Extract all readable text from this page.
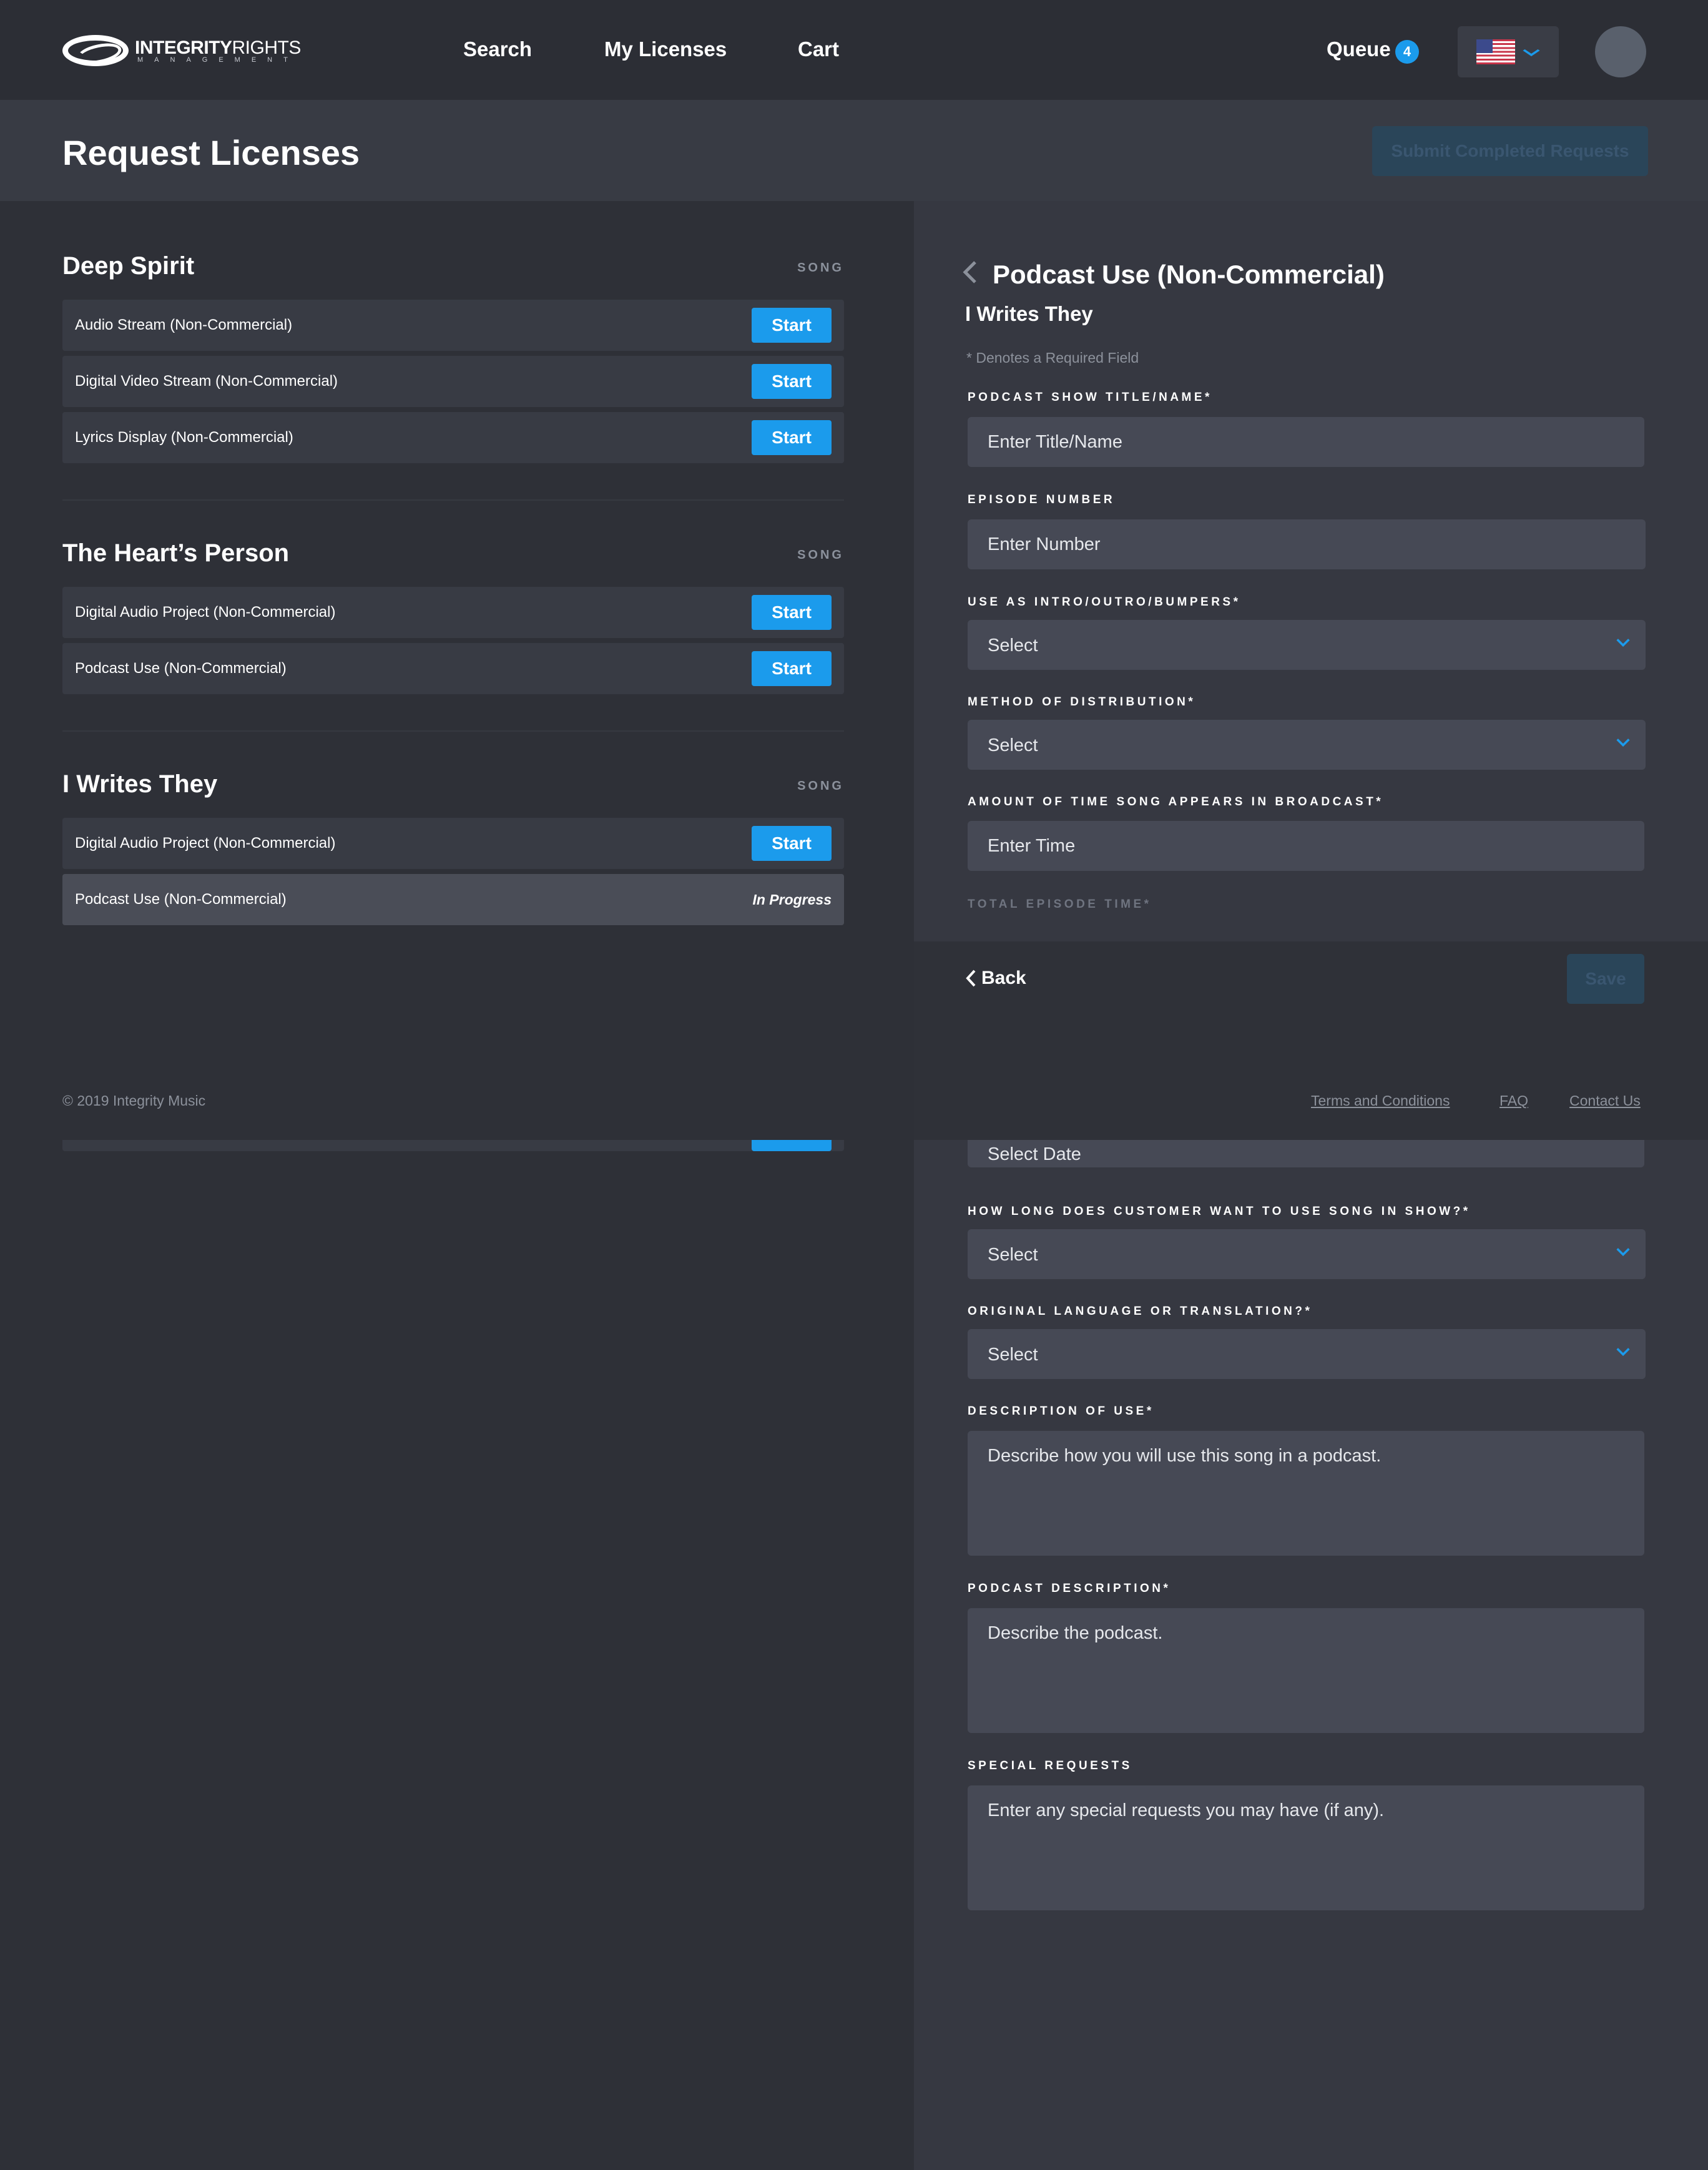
INTEGRITYRIGHTS
MANAGEMENT	Search	My Licenses	Cart	Queue 4
Request Licenses	Submit Completed Requests
Deep Spirit	SONG
Audio Stream (Non-Commercial)	Start
Digital Video Stream (Non-Commercial)	Start
Lyrics Display (Non-Commercial)	Start
The Heart’s Person	SONG
Digital Audio Project (Non-Commercial)	Start
Podcast Use (Non-Commercial)	Start
I Writes They	SONG
Digital Audio Project (Non-Commercial)	Start
Podcast Use (Non-Commercial)	In Progress
Podcast Use (Non-Commercial)
I Writes They
* Denotes a Required Field
PODCAST SHOW TITLE/NAME*
Enter Title/Name
EPISODE NUMBER
Enter Number
USE AS INTRO/OUTRO/BUMPERS*
Select
METHOD OF DISTRIBUTION*
Select
AMOUNT OF TIME SONG APPEARS IN BROADCAST*
Enter Time
TOTAL EPISODE TIME*
Select Date
HOW LONG DOES CUSTOMER WANT TO USE SONG IN SHOW?*
Select
ORIGINAL LANGUAGE OR TRANSLATION?*
Select
DESCRIPTION OF USE*
Describe how you will use this song in a podcast.
PODCAST DESCRIPTION*
Describe the podcast.
SPECIAL REQUESTS
Enter any special requests you may have (if any).
Back	Save
© 2019 Integrity Music	Terms and Conditions	FAQ	Contact Us
